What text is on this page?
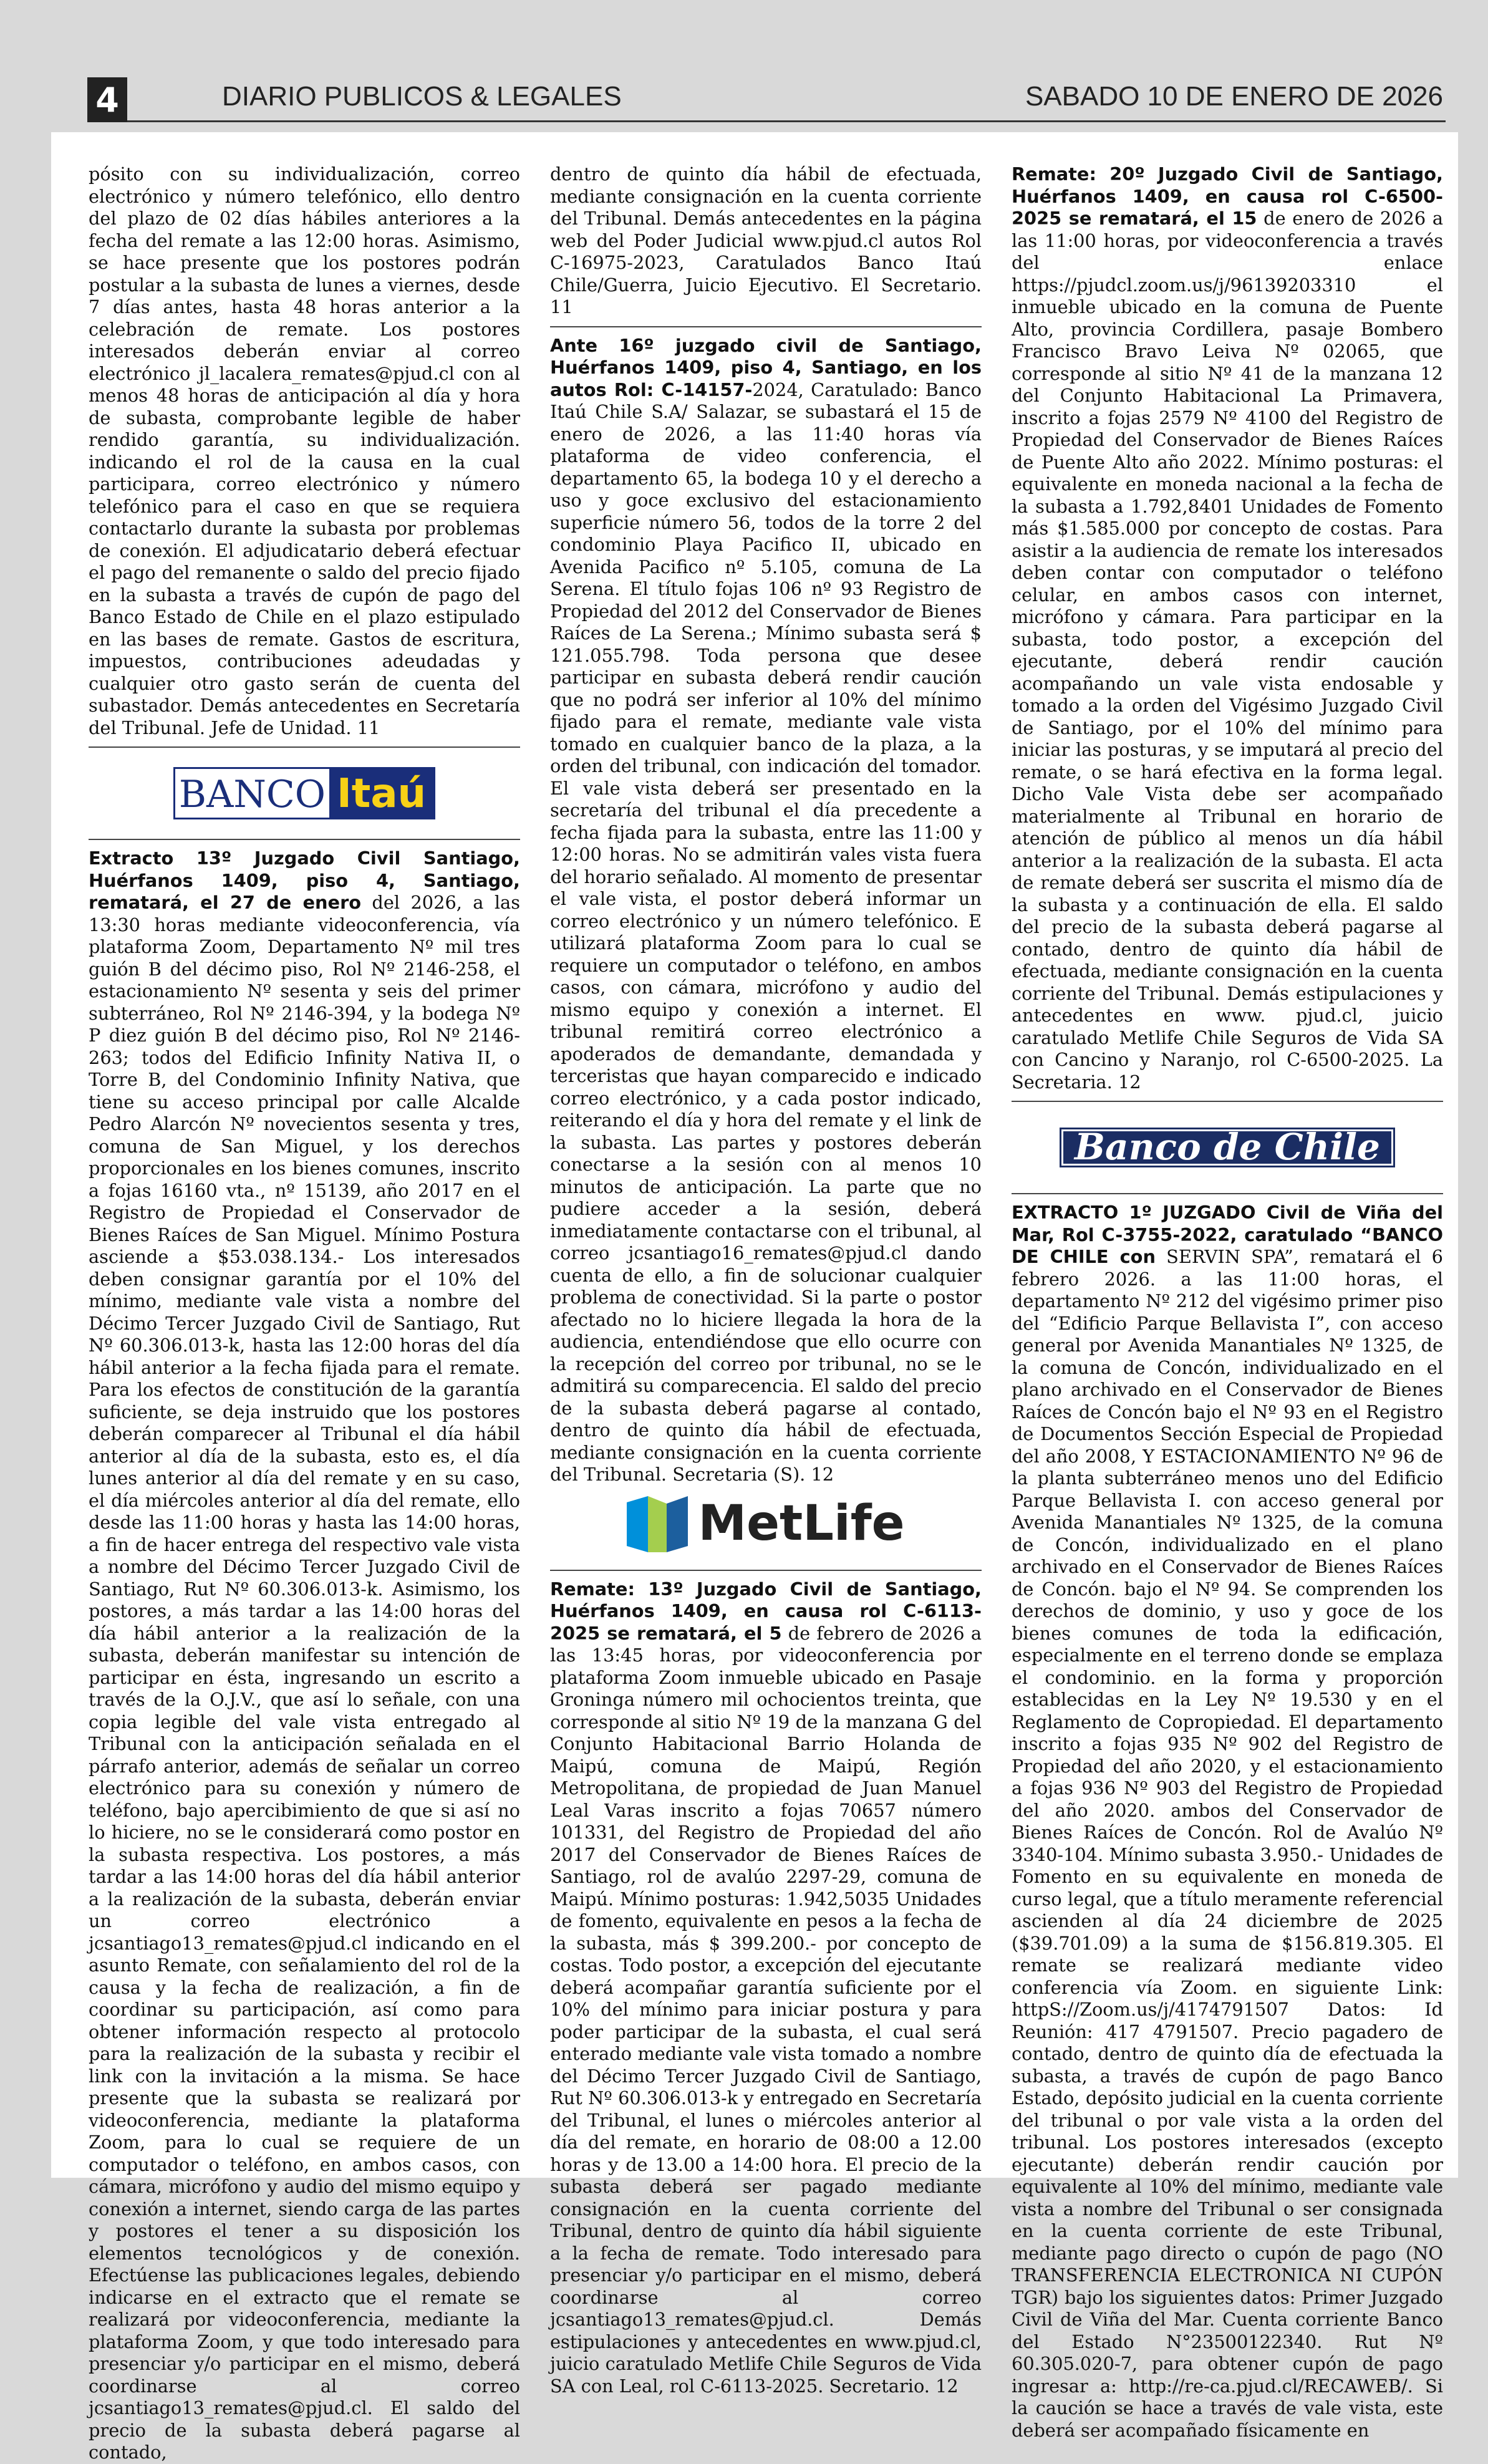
4	DIARIO PUBLICOS & LEGALES	SABADO 10 DE ENERO DE 2026

pósito con su individualización, correo electrónico y número telefónico, ello dentro del plazo de 02 días hábiles anteriores a la fecha del remate a las 12:00 horas. Asimismo, se hace presente que los postores podrán postular a la subasta de lunes a viernes, desde 7 días antes, hasta 48 horas anterior a la celebración de remate. Los postores interesados deberán enviar al correo electrónico jl_lacalera_remates@pjud.cl con al menos 48 horas de anticipación al día y hora de subasta, comprobante legible de haber rendido garantía, su individualización. indicando el rol de la causa en la cual participara, correo electrónico y número telefónico para el caso en que se requiera contactarlo durante la subasta por problemas de conexión. El adjudicatario deberá efectuar el pago del remanente o saldo del precio fijado en la subasta a través de cupón de pago del Banco Estado de Chile en el plazo estipulado en las bases de remate. Gastos de escritura, impuestos, contribuciones adeudadas y cualquier otro gasto serán de cuenta del subastador. Demás antecedentes en Secretaría del Tribunal. Jefe de Unidad. 11

BANCO Itaú

Extracto 13º Juzgado Civil Santiago, Huérfanos 1409, piso 4, Santiago, rematará, el 27 de enero del 2026, a las 13:30 horas mediante videoconferencia, vía plataforma Zoom, Departamento Nº mil tres guión B del décimo piso, Rol Nº 2146-258, el estacionamiento Nº sesenta y seis del primer subterráneo, Rol Nº 2146-394, y la bodega Nº P diez guión B del décimo piso, Rol Nº 2146-263; todos del Edificio Infinity Nativa II, o Torre B, del Condominio Infinity Nativa, que tiene su acceso principal por calle Alcalde Pedro Alarcón Nº novecientos sesenta y tres, comuna de San Miguel, y los derechos proporcionales en los bienes comunes, inscrito a fojas 16160 vta., nº 15139, año 2017 en el Registro de Propiedad el Conservador de Bienes Raíces de San Miguel. Mínimo Postura asciende a $53.038.134.- Los interesados deben consignar garantía por el 10% del mínimo, mediante vale vista a nombre del Décimo Tercer Juzgado Civil de Santiago, Rut Nº 60.306.013-k, hasta las 12:00 horas del día hábil anterior a la fecha fijada para el remate. Para los efectos de constitución de la garantía suficiente, se deja instruido que los postores deberán comparecer al Tribunal el día hábil anterior al día de la subasta, esto es, el día lunes anterior al día del remate y en su caso, el día miércoles anterior al día del remate, ello desde las 11:00 horas y hasta las 14:00 horas, a fin de hacer entrega del respectivo vale vista a nombre del Décimo Tercer Juzgado Civil de Santiago, Rut Nº 60.306.013-k. Asimismo, los postores, a más tardar a las 14:00 horas del día hábil anterior a la realización de la subasta, deberán manifestar su intención de participar en ésta, ingresando un escrito a través de la O.J.V., que así lo señale, con una copia legible del vale vista entregado al Tribunal con la anticipación señalada en el párrafo anterior, además de señalar un correo electrónico para su conexión y número de teléfono, bajo apercibimiento de que si así no lo hiciere, no se le considerará como postor en la subasta respectiva. Los postores, a más tardar a las 14:00 horas del día hábil anterior a la realización de la subasta, deberán enviar un correo electrónico a jcsantiago13_remates@pjud.cl indicando en el asunto Remate, con señalamiento del rol de la causa y la fecha de realización, a fin de coordinar su participación, así como para obtener información respecto al protocolo para la realización de la subasta y recibir el link con la invitación a la misma. Se hace presente que la subasta se realizará por videoconferencia, mediante la plataforma Zoom, para lo cual se requiere de un computador o teléfono, en ambos casos, con cámara, micrófono y audio del mismo equipo y conexión a internet, siendo carga de las partes y postores el tener a su disposición los elementos tecnológicos y de conexión. Efectúense las publicaciones legales, debiendo indicarse en el extracto que el remate se realizará por videoconferencia, mediante la plataforma Zoom, y que todo interesado para presenciar y/o participar en el mismo, deberá coordinarse al correo jcsantiago13_remates@pjud.cl. El saldo del precio de la subasta deberá pagarse al contado,

dentro de quinto día hábil de efectuada, mediante consignación en la cuenta corriente del Tribunal. Demás antecedentes en la página web del Poder Judicial www.pjud.cl autos Rol C-16975-2023, Caratulados Banco Itaú Chile/Guerra, Juicio Ejecutivo. El Secretario. 11

Ante 16º juzgado civil de Santiago, Huérfanos 1409, piso 4, Santiago, en los autos Rol: C-14157-2024, Caratulado: Banco Itaú Chile S.A/ Salazar, se subastará el 15 de enero de 2026, a las 11:40 horas vía plataforma de video conferencia, el departamento 65, la bodega 10 y el derecho a uso y goce exclusivo del estacionamiento superficie número 56, todos de la torre 2 del condominio Playa Pacifico II, ubicado en Avenida Pacifico nº 5.105, comuna de La Serena. El título fojas 106 nº 93 Registro de Propiedad del 2012 del Conservador de Bienes Raíces de La Serena.; Mínimo subasta será $ 121.055.798. Toda persona que desee participar en subasta deberá rendir caución que no podrá ser inferior al 10% del mínimo fijado para el remate, mediante vale vista tomado en cualquier banco de la plaza, a la orden del tribunal, con indicación del tomador. El vale vista deberá ser presentado en la secretaría del tribunal el día precedente a fecha fijada para la subasta, entre las 11:00 y 12:00 horas. No se admitirán vales vista fuera del horario señalado. Al momento de presentar el vale vista, el postor deberá informar un correo electrónico y un número telefónico. E utilizará plataforma Zoom para lo cual se requiere un computador o teléfono, en ambos casos, con cámara, micrófono y audio del mismo equipo y conexión a internet. El tribunal remitirá correo electrónico a apoderados de demandante, demandada y terceristas que hayan comparecido e indicado correo electrónico, y a cada postor indicado, reiterando el día y hora del remate y el link de la subasta. Las partes y postores deberán conectarse a la sesión con al menos 10 minutos de anticipación. La parte que no pudiere acceder a la sesión, deberá inmediatamente contactarse con el tribunal, al correo jcsantiago16_remates@pjud.cl dando cuenta de ello, a fin de solucionar cualquier problema de conectividad. Si la parte o postor afectado no lo hiciere llegada la hora de la audiencia, entendiéndose que ello ocurre con la recepción del correo por tribunal, no se le admitirá su comparecencia. El saldo del precio de la subasta deberá pagarse al contado, dentro de quinto día hábil de efectuada, mediante consignación en la cuenta corriente del Tribunal. Secretaria (S). 12

MetLife

Remate: 13º Juzgado Civil de Santiago, Huérfanos 1409, en causa rol C-6113-2025 se rematará, el 5 de febrero de 2026 a las 13:45 horas, por videoconferencia por plataforma Zoom inmueble ubicado en Pasaje Groninga número mil ochocientos treinta, que corresponde al sitio Nº 19 de la manzana G del Conjunto Habitacional Barrio Holanda de Maipú, comuna de Maipú, Región Metropolitana, de propiedad de Juan Manuel Leal Varas inscrito a fojas 70657 número 101331, del Registro de Propiedad del año 2017 del Conservador de Bienes Raíces de Santiago, rol de avalúo 2297-29, comuna de Maipú. Mínimo posturas: 1.942,5035 Unidades de fomento, equivalente en pesos a la fecha de la subasta, más $ 399.200.- por concepto de costas. Todo postor, a excepción del ejecutante deberá acompañar garantía suficiente por el 10% del mínimo para iniciar postura y para poder participar de la subasta, el cual será enterado mediante vale vista tomado a nombre del Décimo Tercer Juzgado Civil de Santiago, Rut Nº 60.306.013-k y entregado en Secretaría del Tribunal, el lunes o miércoles anterior al día del remate, en horario de 08:00 a 12.00 horas y de 13.00 a 14:00 hora. El precio de la subasta deberá ser pagado mediante consignación en la cuenta corriente del Tribunal, dentro de quinto día hábil siguiente a la fecha de remate. Todo interesado para presenciar y/o participar en el mismo, deberá coordinarse al correo jcsantiago13_remates@pjud.cl. Demás estipulaciones y antecedentes en www.pjud.cl, juicio caratulado Metlife Chile Seguros de Vida SA con Leal, rol C-6113-2025. Secretario. 12

Remate: 20º Juzgado Civil de Santiago, Huérfanos 1409, en causa rol C-6500-2025 se rematará, el 15 de enero de 2026 a las 11:00 horas, por videoconferencia a través del enlace https://pjudcl.zoom.us/j/96139203310 el inmueble ubicado en la comuna de Puente Alto, provincia Cordillera, pasaje Bombero Francisco Bravo Leiva Nº 02065, que corresponde al sitio Nº 41 de la manzana 12 del Conjunto Habitacional La Primavera, inscrito a fojas 2579 Nº 4100 del Registro de Propiedad del Conservador de Bienes Raíces de Puente Alto año 2022. Mínimo posturas: el equivalente en moneda nacional a la fecha de la subasta a 1.792,8401 Unidades de Fomento más $1.585.000 por concepto de costas. Para asistir a la audiencia de remate los interesados deben contar con computador o teléfono celular, en ambos casos con internet, micrófono y cámara. Para participar en la subasta, todo postor, a excepción del ejecutante, deberá rendir caución acompañando un vale vista endosable y tomado a la orden del Vigésimo Juzgado Civil de Santiago, por el 10% del mínimo para iniciar las posturas, y se imputará al precio del remate, o se hará efectiva en la forma legal. Dicho Vale Vista debe ser acompañado materialmente al Tribunal en horario de atención de público al menos un día hábil anterior a la realización de la subasta. El acta de remate deberá ser suscrita el mismo día de la subasta y a continuación de ella. El saldo del precio de la subasta deberá pagarse al contado, dentro de quinto día hábil de efectuada, mediante consignación en la cuenta corriente del Tribunal. Demás estipulaciones y antecedentes en www. pjud.cl, juicio caratulado Metlife Chile Seguros de Vida SA con Cancino y Naranjo, rol C-6500-2025. La Secretaria. 12

Banco de Chile

EXTRACTO 1º JUZGADO Civil de Viña del Mar, Rol C-3755-2022, caratulado “BANCO DE CHILE con SERVIN SPA”, rematará el 6 febrero 2026. a las 11:00 horas, el departamento Nº 212 del vigésimo primer piso del “Edificio Parque Bellavista I”, con acceso general por Avenida Manantiales Nº 1325, de la comuna de Concón, individualizado en el plano archivado en el Conservador de Bienes Raíces de Concón bajo el Nº 93 en el Registro de Documentos Sección Especial de Propiedad del año 2008, Y ESTACIONAMIENTO Nº 96 de la planta subterráneo menos uno del Edificio Parque Bellavista I. con acceso general por Avenida Manantiales Nº 1325, de la comuna de Concón, individualizado en el plano archivado en el Conservador de Bienes Raíces de Concón. bajo el Nº 94. Se comprenden los derechos de dominio, y uso y goce de los bienes comunes de toda la edificación, especialmente en el terreno donde se emplaza el condominio. en la forma y proporción establecidas en la Ley Nº 19.530 y en el Reglamento de Copropiedad. El departamento inscrito a fojas 935 Nº 902 del Registro de Propiedad del año 2020, y el estacionamiento a fojas 936 Nº 903 del Registro de Propiedad del año 2020. ambos del Conservador de Bienes Raíces de Concón. Rol de Avalúo Nº 3340-104. Mínimo subasta 3.950.- Unidades de Fomento en su equivalente en moneda de curso legal, que a título meramente referencial ascienden al día 24 diciembre de 2025 ($39.701.09) a la suma de $156.819.305. El remate se realizará mediante video conferencia vía Zoom. en siguiente Link: httpS://Zoom.us/j/4174791507 Datos: Id Reunión: 417 4791507. Precio pagadero de contado, dentro de quinto día de efectuada la subasta, a través de cupón de pago Banco Estado, depósito judicial en la cuenta corriente del tribunal o por vale vista a la orden del tribunal. Los postores interesados (excepto ejecutante) deberán rendir caución por equivalente al 10% del mínimo, mediante vale vista a nombre del Tribunal o ser consignada en la cuenta corriente de este Tribunal, mediante pago directo o cupón de pago (NO TRANSFERENCIA ELECTRONICA NI CUPÓN TGR) bajo los siguientes datos: Primer Juzgado Civil de Viña del Mar. Cuenta corriente Banco del Estado N°23500122340. Rut Nº 60.305.020-7, para obtener cupón de pago ingresar a: http://re-ca.pjud.cl/RECAWEB/. Si la caución se hace a través de vale vista, este deberá ser acompañado físicamente en
